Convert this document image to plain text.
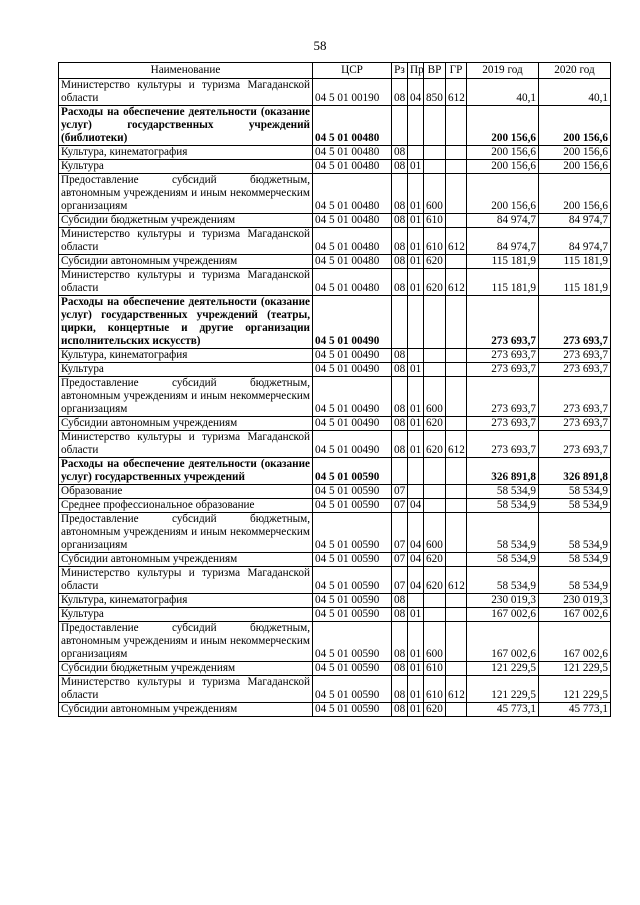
58
Наименование	ЦСР	Рз	Пр	ВР	ГР	2019 год	2020 год
Министерство культуры и туризма Магаданской области	04 5 01 00190	08	04	850	612	40,1	40,1
Расходы на обеспечение деятельности (оказание услуг) государственных учреждений (библиотеки)	04 5 01 00480					200 156,6	200 156,6
Культура, кинематография	04 5 01 00480	08				200 156,6	200 156,6
Культура	04 5 01 00480	08	01			200 156,6	200 156,6
Предоставление субсидий бюджетным, автономным учреждениям и иным некоммерческим организациям	04 5 01 00480	08	01	600		200 156,6	200 156,6
Субсидии бюджетным учреждениям	04 5 01 00480	08	01	610		84 974,7	84 974,7
Министерство культуры и туризма Магаданской области	04 5 01 00480	08	01	610	612	84 974,7	84 974,7
Субсидии автономным учреждениям	04 5 01 00480	08	01	620		115 181,9	115 181,9
Министерство культуры и туризма Магаданской области	04 5 01 00480	08	01	620	612	115 181,9	115 181,9
Расходы на обеспечение деятельности (оказание услуг) государственных учреждений (театры, цирки, концертные и другие организации исполнительских искусств)	04 5 01 00490					273 693,7	273 693,7
Культура, кинематография	04 5 01 00490	08				273 693,7	273 693,7
Культура	04 5 01 00490	08	01			273 693,7	273 693,7
Предоставление субсидий бюджетным, автономным учреждениям и иным некоммерческим организациям	04 5 01 00490	08	01	600		273 693,7	273 693,7
Субсидии автономным учреждениям	04 5 01 00490	08	01	620		273 693,7	273 693,7
Министерство культуры и туризма Магаданской области	04 5 01 00490	08	01	620	612	273 693,7	273 693,7
Расходы на обеспечение деятельности (оказание услуг) государственных учреждений	04 5 01 00590					326 891,8	326 891,8
Образование	04 5 01 00590	07				58 534,9	58 534,9
Среднее профессиональное образование	04 5 01 00590	07	04			58 534,9	58 534,9
Предоставление субсидий бюджетным, автономным учреждениям и иным некоммерческим организациям	04 5 01 00590	07	04	600		58 534,9	58 534,9
Субсидии автономным учреждениям	04 5 01 00590	07	04	620		58 534,9	58 534,9
Министерство культуры и туризма Магаданской области	04 5 01 00590	07	04	620	612	58 534,9	58 534,9
Культура, кинематография	04 5 01 00590	08				230 019,3	230 019,3
Культура	04 5 01 00590	08	01			167 002,6	167 002,6
Предоставление субсидий бюджетным, автономным учреждениям и иным некоммерческим организациям	04 5 01 00590	08	01	600		167 002,6	167 002,6
Субсидии бюджетным учреждениям	04 5 01 00590	08	01	610		121 229,5	121 229,5
Министерство культуры и туризма Магаданской области	04 5 01 00590	08	01	610	612	121 229,5	121 229,5
Субсидии автономным учреждениям	04 5 01 00590	08	01	620		45 773,1	45 773,1
